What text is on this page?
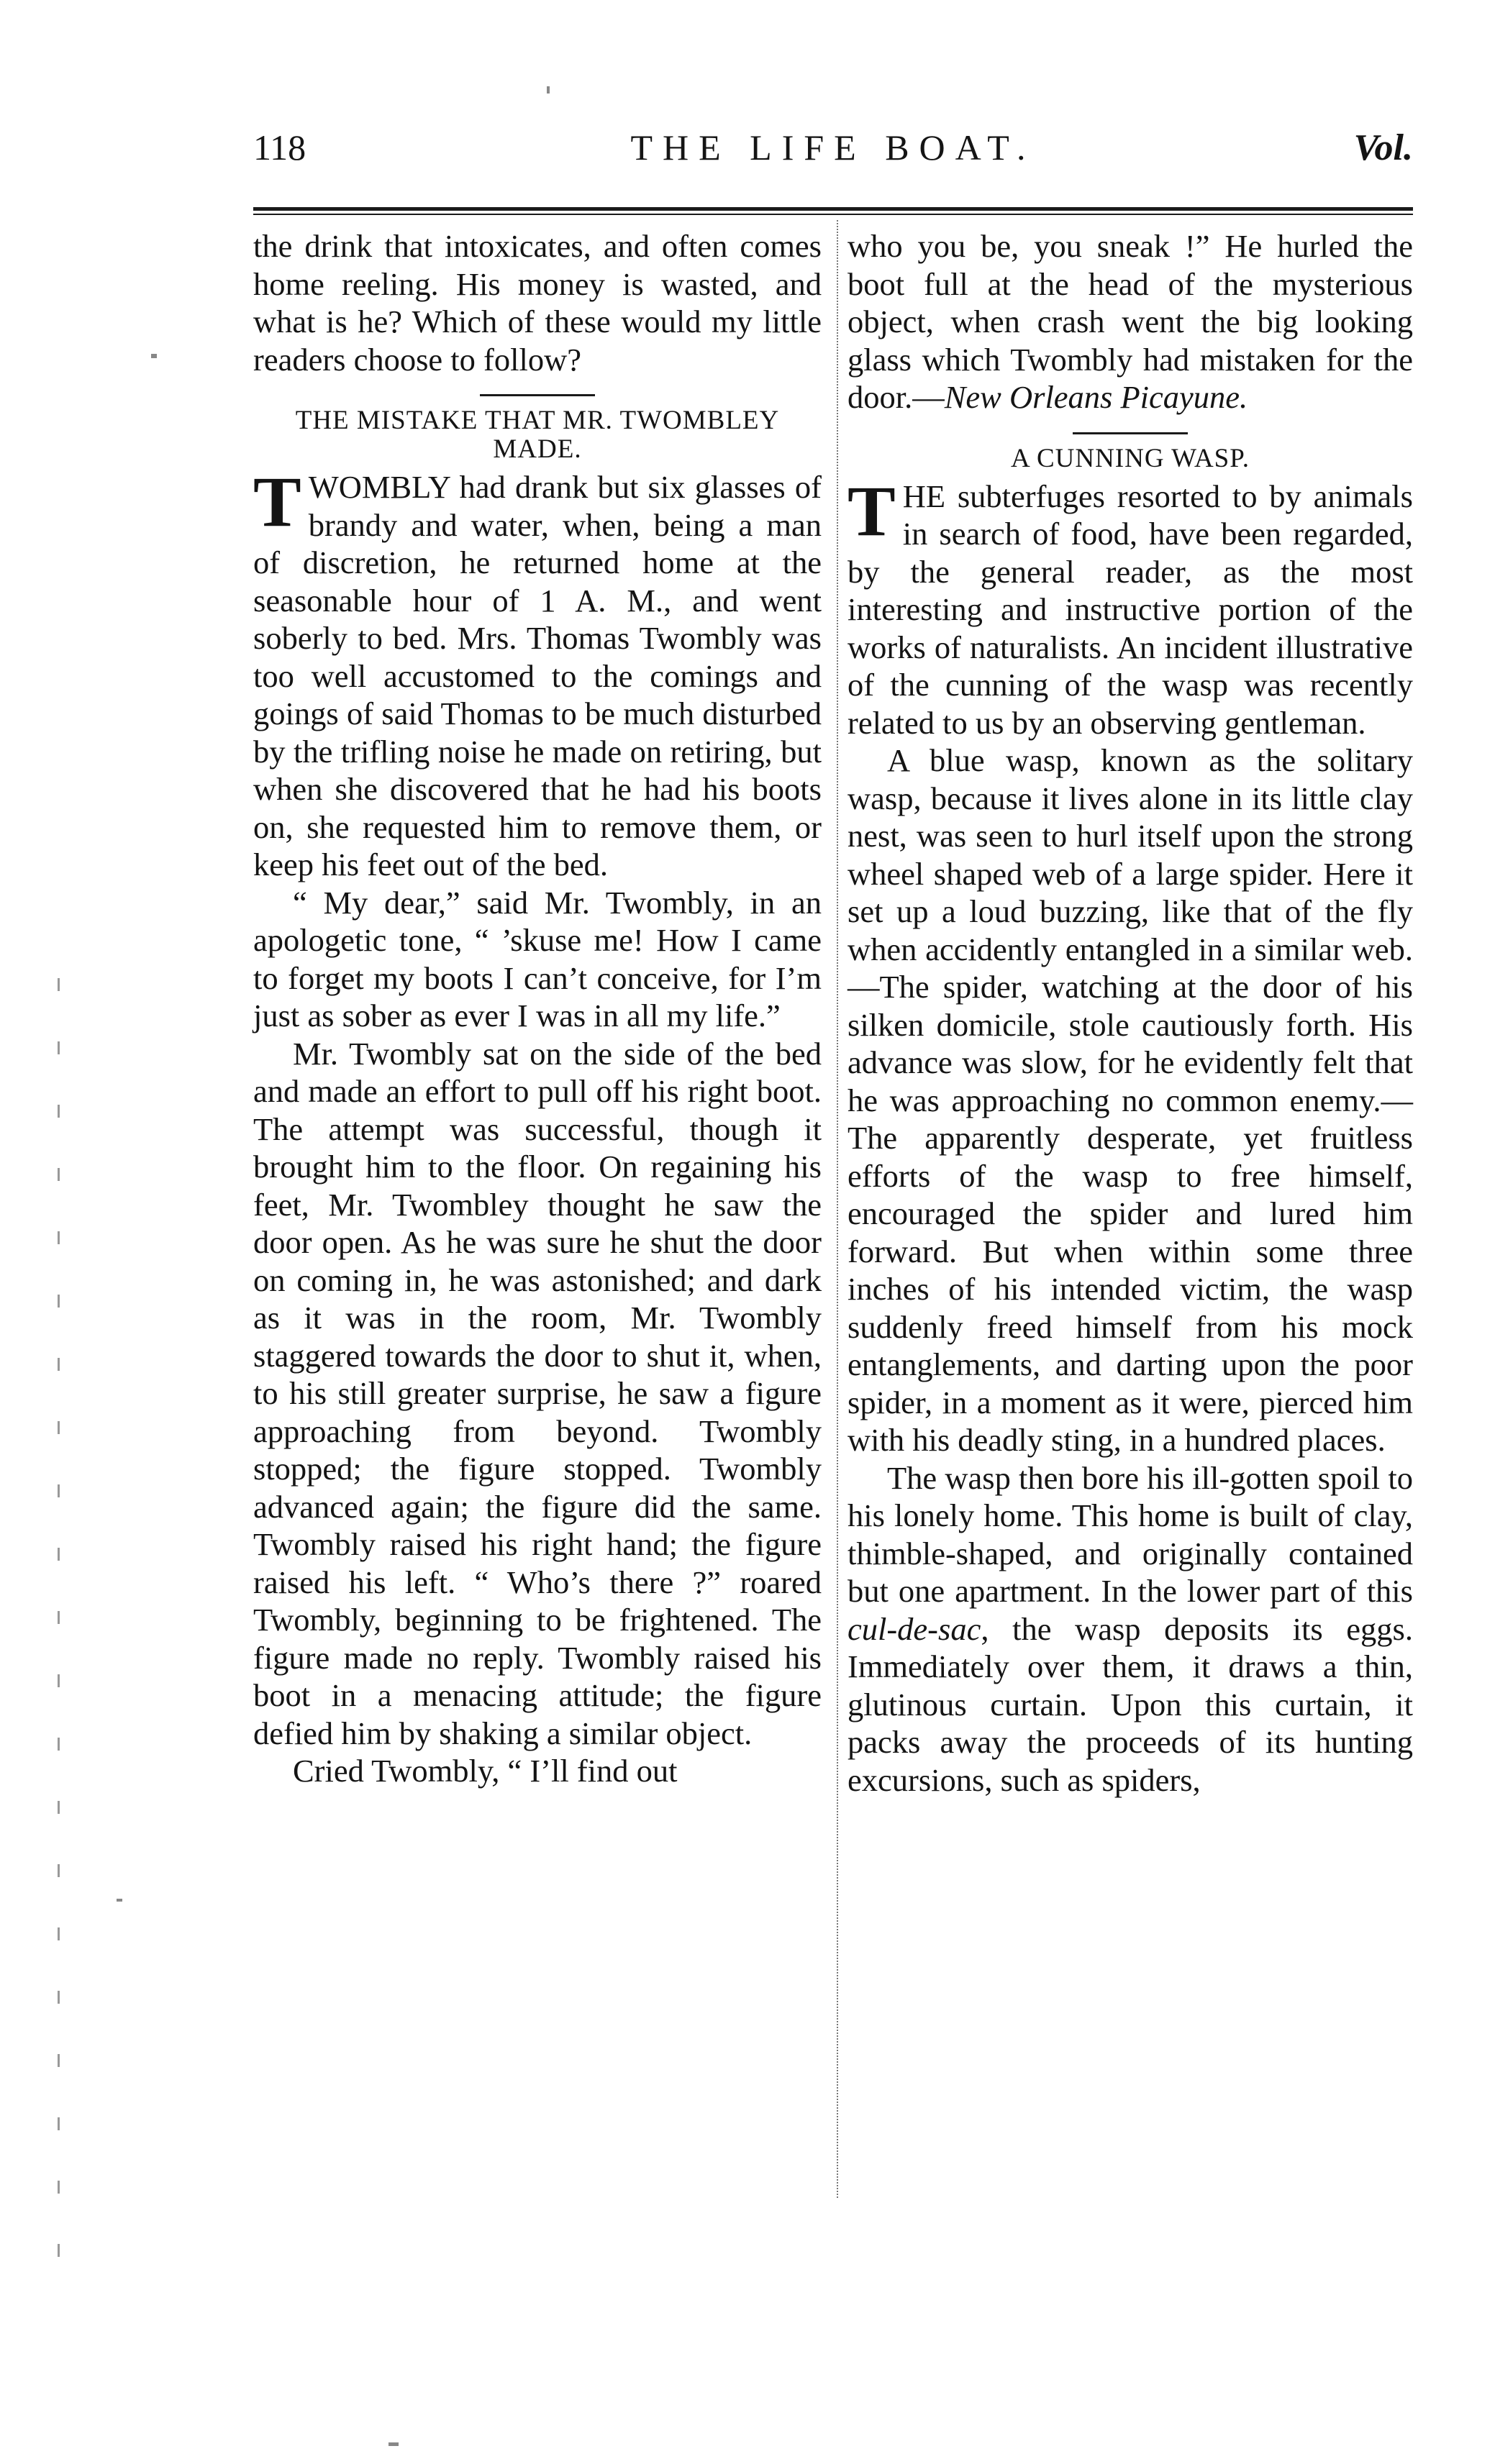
118	THE LIFE BOAT.	Vol.

the drink that intoxicates, and often comes home reeling. His money is wasted, and what is he? Which of these would my little readers choose to follow?

THE MISTAKE THAT MR. TWOMBLEY MADE.

TWOMBLY had drank but six glasses of brandy and water, when, being a man of discretion, he returned home at the seasonable hour of 1 A. M., and went soberly to bed. Mrs. Thomas Twombly was too well accustomed to the comings and goings of said Thomas to be much disturbed by the trifling noise he made on retiring, but when she discovered that he had his boots on, she requested him to remove them, or keep his feet out of the bed.

“ My dear,” said Mr. Twombly, in an apologetic tone, “ ’skuse me! How I came to forget my boots I can’t conceive, for I’m just as sober as ever I was in all my life.”

Mr. Twombly sat on the side of the bed and made an effort to pull off his right boot. The attempt was successful, though it brought him to the floor. On regaining his feet, Mr. Twombley thought he saw the door open. As he was sure he shut the door on coming in, he was astonished; and dark as it was in the room, Mr. Twombly staggered towards the door to shut it, when, to his still greater surprise, he saw a figure approaching from beyond. Twombly stopped; the figure stopped. Twombly advanced again; the figure did the same. Twombly raised his right hand; the figure raised his left. “ Who’s there ?” roared Twombly, beginning to be frightened. The figure made no reply. Twombly raised his boot in a menacing attitude; the figure defied him by shaking a similar object.

Cried Twombly, “ I’ll find out

who you be, you sneak !” He hurled the boot full at the head of the mysterious object, when crash went the big looking glass which Twombly had mistaken for the door.—New Orleans Picayune.

A CUNNING WASP.

THE subterfuges resorted to by animals in search of food, have been regarded, by the general reader, as the most interesting and instructive portion of the works of naturalists. An incident illustrative of the cunning of the wasp was recently related to us by an observing gentleman.

A blue wasp, known as the solitary wasp, because it lives alone in its little clay nest, was seen to hurl itself upon the strong wheel shaped web of a large spider. Here it set up a loud buzzing, like that of the fly when accidently entangled in a similar web.—The spider, watching at the door of his silken domicile, stole cautiously forth. His advance was slow, for he evidently felt that he was approaching no common enemy.—The apparently desperate, yet fruitless efforts of the wasp to free himself, encouraged the spider and lured him forward. But when within some three inches of his intended victim, the wasp suddenly freed himself from his mock entanglements, and darting upon the poor spider, in a moment as it were, pierced him with his deadly sting, in a hundred places.

The wasp then bore his ill-gotten spoil to his lonely home. This home is built of clay, thimble-shaped, and originally contained but one apartment. In the lower part of this cul-de-sac, the wasp deposits its eggs. Immediately over them, it draws a thin, glutinous curtain. Upon this curtain, it packs away the proceeds of its hunting excursions, such as spiders,
